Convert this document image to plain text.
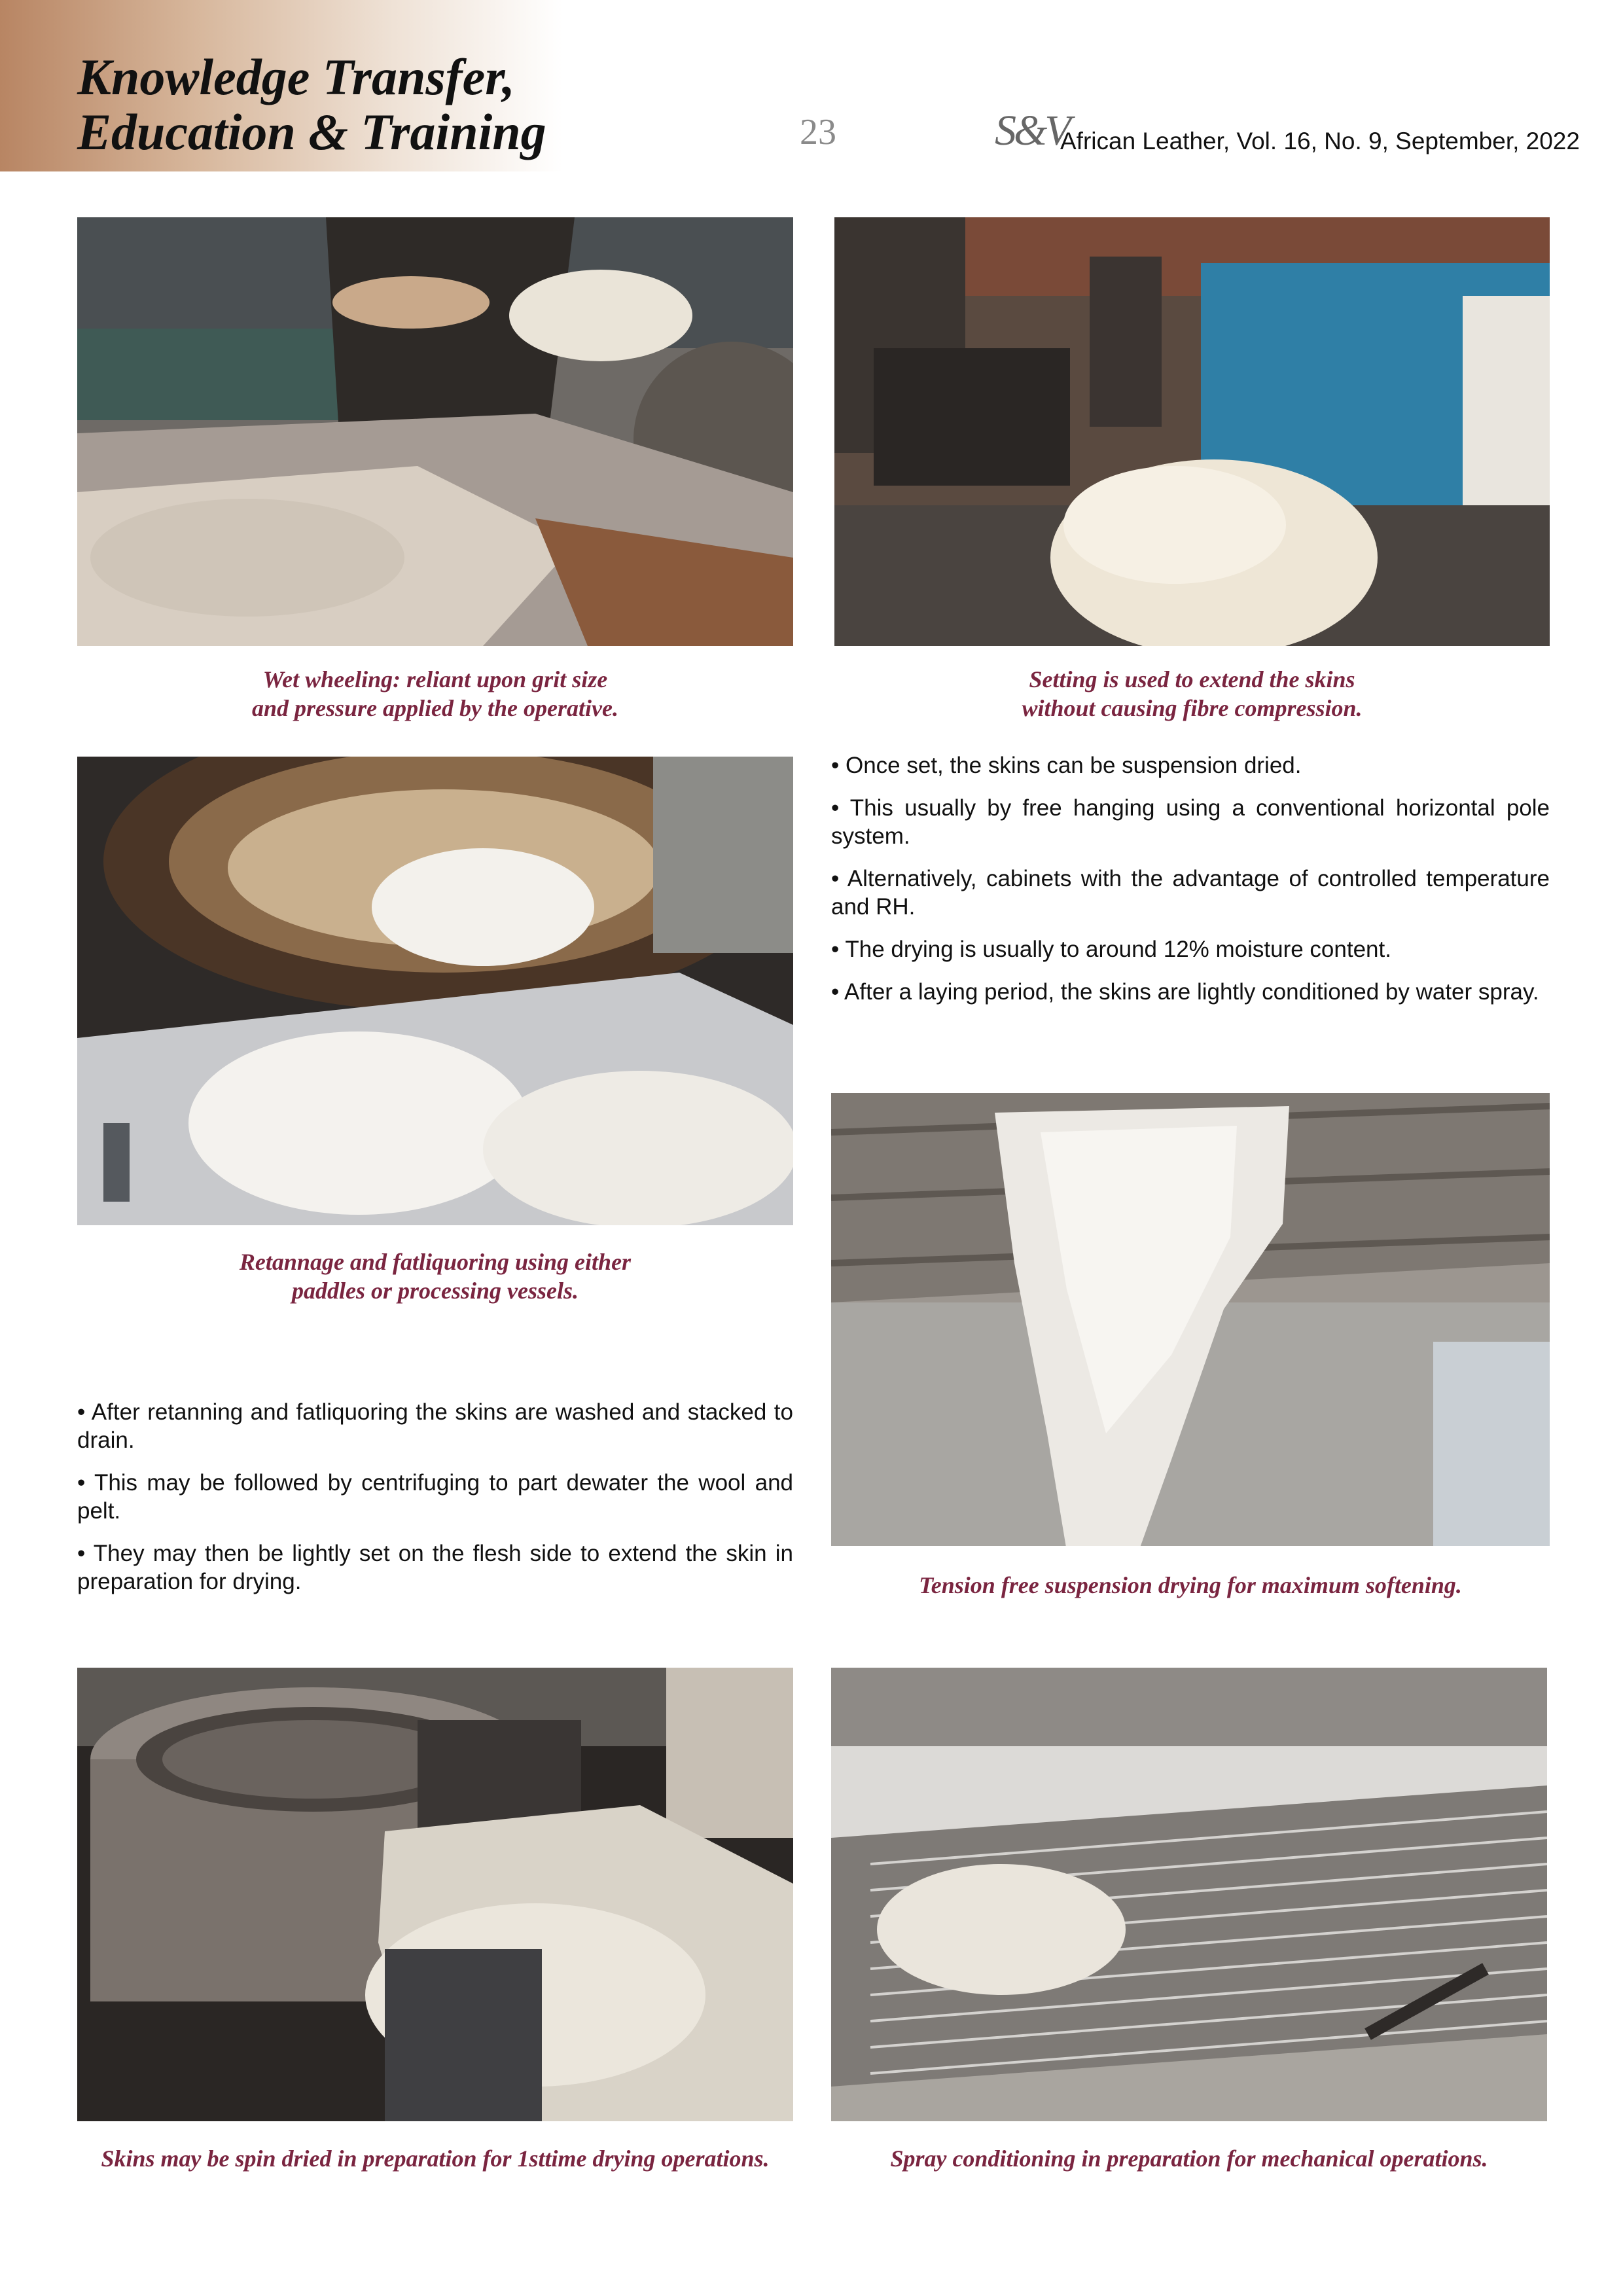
Knowledge Transfer,
Education & Training	23	S&V
African Leather, Vol. 16, No. 9, September, 2022
Wet wheeling: reliant upon grit size
and pressure applied by the operative.
Setting is used to extend the skins
without causing fibre compression.

• Once set, the skins can be suspension dried.

• This usually by free hanging using a conventional horizontal pole system.

• Alternatively, cabinets with the advantage of controlled temperature and RH.

• The drying is usually to around 12% moisture content.

• After a laying period, the skins are lightly conditioned by water spray.

Retannage and fatliquoring using either
paddles or processing vessels.
Tension free suspension drying for maximum softening.

• After retanning and fatliquoring the skins are washed and stacked to drain.

• This may be followed by centrifuging to part dewater the wool and pelt.

• They may then be lightly set on the flesh side to extend the skin in preparation for drying.

Skins may be spin dried in preparation for 1sttime drying operations.	Spray conditioning in preparation for mechanical operations.
